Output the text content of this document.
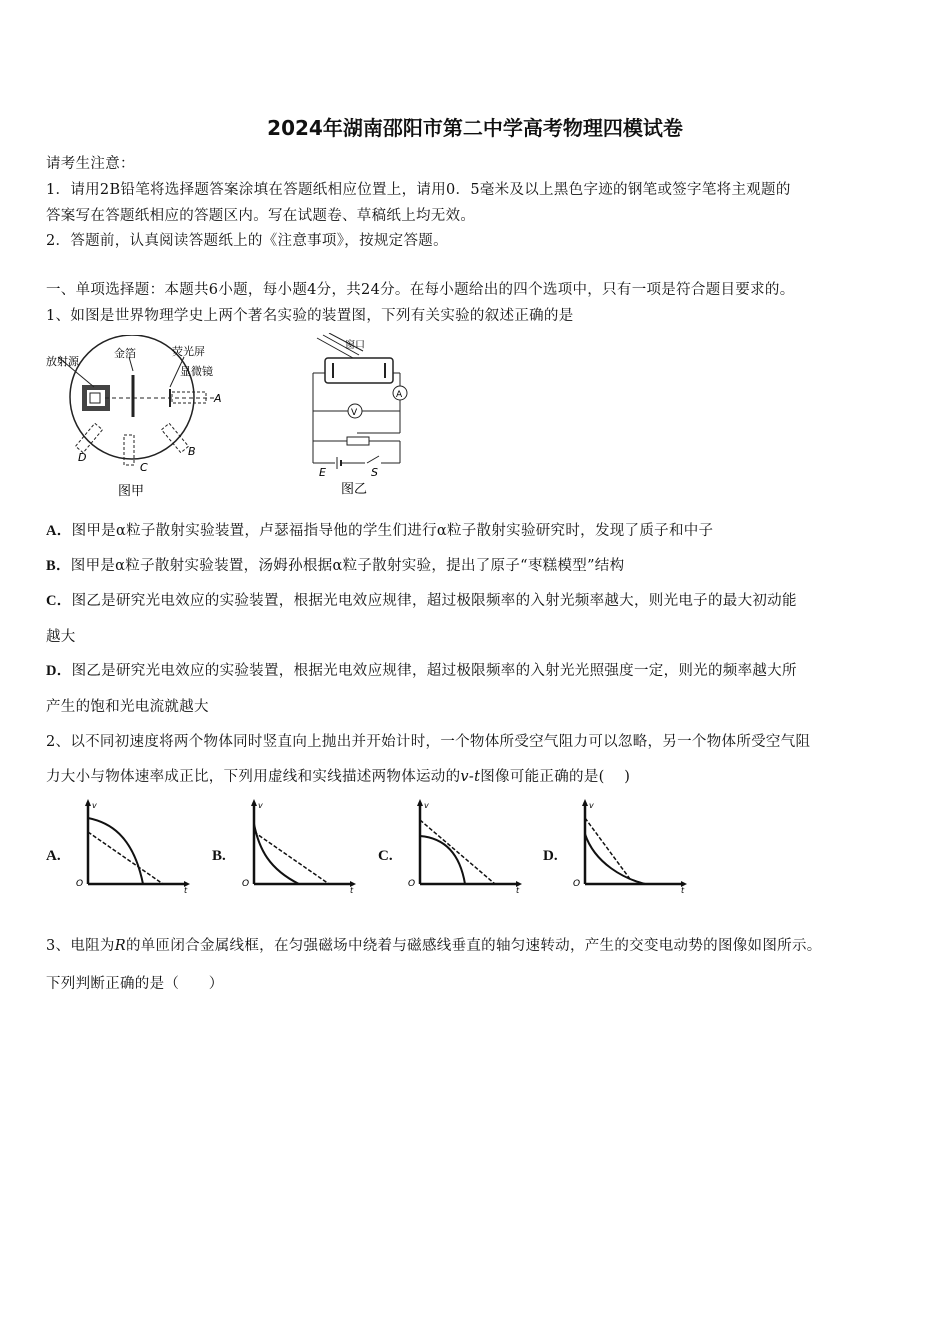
2024年湖南邵阳市第二中学高考物理四模试卷
请考生注意：
1．请用2B铅笔将选择题答案涂填在答题纸相应位置上，请用0．5毫米及以上黑色字迹的钢笔或签字笔将主观题的
答案写在答题纸相应的答题区内。写在试题卷、草稿纸上均无效。
2．答题前，认真阅读答题纸上的《注意事项》，按规定答题。
一、单项选择题：本题共6小题，每小题4分，共24分。在每小题给出的四个选项中，只有一项是符合题目要求的。
1、如图是世界物理学史上两个著名实验的装置图，下列有关实验的叙述正确的是
放射源
金箔	荧光屏
显微镜
A
B
C
D
图甲
A
V
窗口
E	S
图乙
A．图甲是α粒子散射实验装置，卢瑟福指导他的学生们进行α粒子散射实验研究时，发现了质子和中子
B．图甲是α粒子散射实验装置，汤姆孙根据α粒子散射实验，提出了原子“枣糕模型”结构
C．图乙是研究光电效应的实验装置，根据光电效应规律，超过极限频率的入射光频率越大，则光电子的最大初动能
越大
D．图乙是研究光电效应的实验装置，根据光电效应规律，超过极限频率的入射光光照强度一定，则光的频率越大所
产生的饱和光电流就越大
2、以不同初速度将两个物体同时竖直向上抛出并开始计时，一个物体所受空气阻力可以忽略，另一个物体所受空气阻
力大小与物体速率成正比，下列用虚线和实线描述两物体运动的v-t图像可能正确的是(　 )
A.
v
t
O
B.
v
t
O
C.
v
t
O
D.
v
t
O
3、电阻为R的单匝闭合金属线框，在匀强磁场中绕着与磁感线垂直的轴匀速转动，产生的交变电动势的图像如图所示。
下列判断正确的是（　　）
